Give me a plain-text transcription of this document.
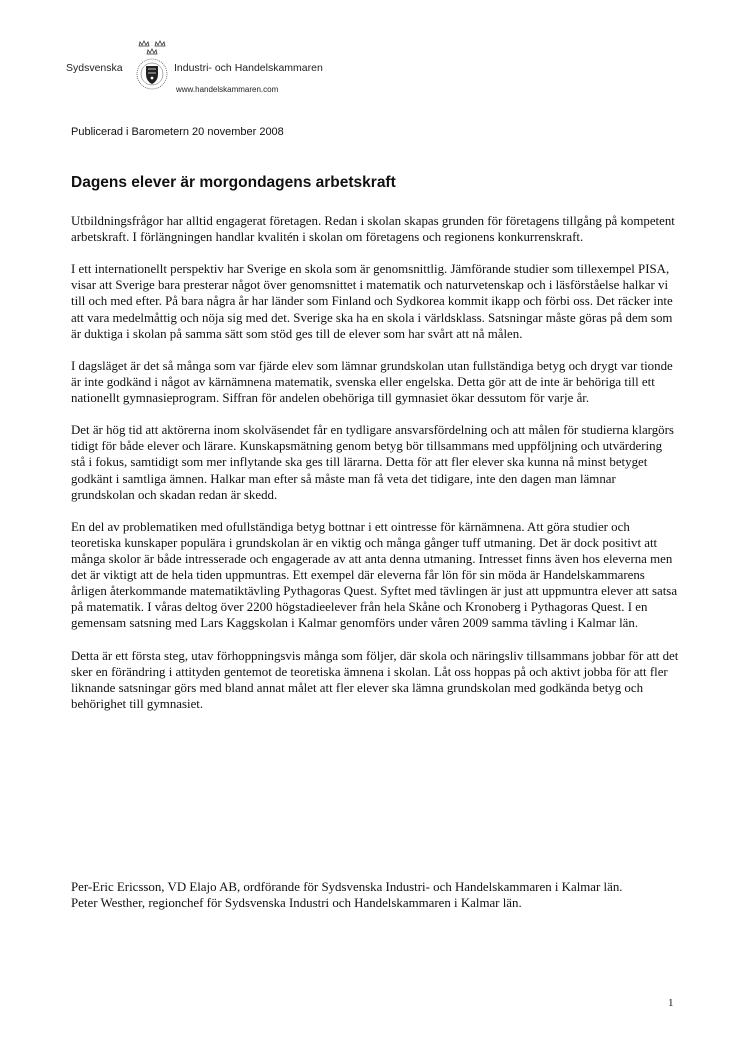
Sydsvenska	Industri- och Handelskammaren
www.handelskammaren.com
Publicerad i Barometern 20 november 2008
Dagens elever är morgondagens arbetskraft

Utbildningsfrågor har alltid engagerat företagen. Redan i skolan skapas grunden för företagens tillgång på kompetent arbetskraft. I förlängningen handlar kvalitén i skolan om företagens och regionens konkurrenskraft.

I ett internationellt perspektiv har Sverige en skola som är genomsnittlig. Jämförande studier som tillexempel PISA, visar att Sverige bara presterar något över genomsnittet i matematik och naturvetenskap och i läsförståelse halkar vi till och med efter. På bara några år har länder som Finland och Sydkorea kommit ikapp och förbi oss. Det räcker inte att vara medelmåttig och nöja sig med det. Sverige ska ha en skola i världsklass. Satsningar måste göras på dem som är duktiga i skolan på samma sätt som stöd ges till de elever som har svårt att nå målen.

I dagsläget är det så många som var fjärde elev som lämnar grundskolan utan fullständiga betyg och drygt var tionde är inte godkänd i något av kärnämnena matematik, svenska eller engelska. Detta gör att de inte är behöriga till ett nationellt gymnasieprogram. Siffran för andelen obehöriga till gymnasiet ökar dessutom för varje år.

Det är hög tid att aktörerna inom skolväsendet får en tydligare ansvarsfördelning och att målen för studierna klargörs tidigt för både elever och lärare. Kunskapsmätning genom betyg bör tillsammans med uppföljning och utvärdering stå i fokus, samtidigt som mer inflytande ska ges till lärarna. Detta för att fler elever ska kunna nå minst betyget godkänt i samtliga ämnen. Halkar man efter så måste man få veta det tidigare, inte den dagen man lämnar grundskolan och skadan redan är skedd.

En del av problematiken med ofullständiga betyg bottnar i ett ointresse för kärnämnena. Att göra studier och teoretiska kunskaper populära i grundskolan är en viktig och många gånger tuff utmaning. Det är dock positivt att många skolor är både intresserade och engagerade av att anta denna utmaning. Intresset finns även hos eleverna men det är viktigt att de hela tiden uppmuntras. Ett exempel där eleverna får lön för sin möda är Handelskammarens årligen återkommande matematiktävling Pythagoras Quest. Syftet med tävlingen är just att uppmuntra elever att satsa på matematik. I våras deltog över 2200 högstadieelever från hela Skåne och Kronoberg i Pythagoras Quest. I en gemensam satsning med Lars Kaggskolan i Kalmar genomförs under våren 2009 samma tävling i Kalmar län.

Detta är ett första steg, utav förhoppningsvis många som följer, där skola och näringsliv tillsammans jobbar för att det sker en förändring i attityden gentemot de teoretiska ämnena i skolan. Låt oss hoppas på och aktivt jobba för att fler liknande satsningar görs med bland annat målet att fler elever ska lämna grundskolan med godkända betyg och behörighet till gymnasiet.

Per-Eric Ericsson, VD Elajo AB, ordförande för Sydsvenska Industri- och Handelskammaren i Kalmar län.

Peter Westher, regionchef för Sydsvenska Industri och Handelskammaren i Kalmar län.

1
